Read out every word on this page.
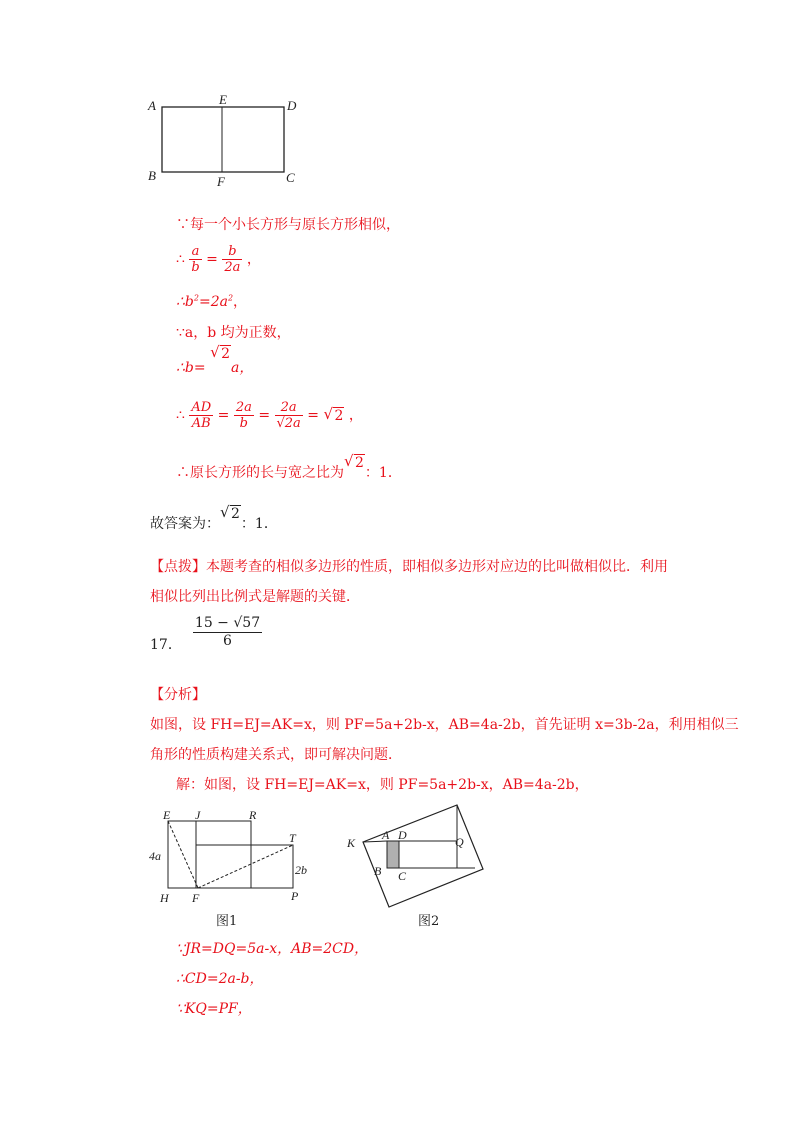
A	E	D
B	F	C
∵每一个小长方形与原长方形相似，
∴ $\frac{a}{b} = \frac{b}{2a}$ ，
$\therefore b^2=2a^2$，
∵a，b 均为正数，
∴b=
√ 2a，
∴ $\frac{AD}{AB} = \frac{2a}{b} = \frac{2a}{√2a}$ = √ 2 ，
∴原长方形的长与宽之比为
√ 2：1．
故答案为：
√ 2：1．
【点拨】本题考查的相似多边形的性质，即相似多边形对应边的比叫做相似比．利用
相似比列出比例式是解题的关键．
17． $\frac{15 - √57}{6}$
【分析】
如图，设 FH=EJ=AK=x，则 PF=5a+2b-x，AB=4a-2b，首先证明 x=3b-2a，利用相似三
角形的性质构建关系式，即可解决问题．
解：如图，设 FH=EJ=AK=x，则 PF=5a+2b-x，AB=4a-2b，
E J	R
T
4a
2b
H F	P
图1
K
A D	Q
B C
图2
∵JR=DQ=5a-x，AB=2CD，
∴CD=2a-b，
∵KQ=PF，
